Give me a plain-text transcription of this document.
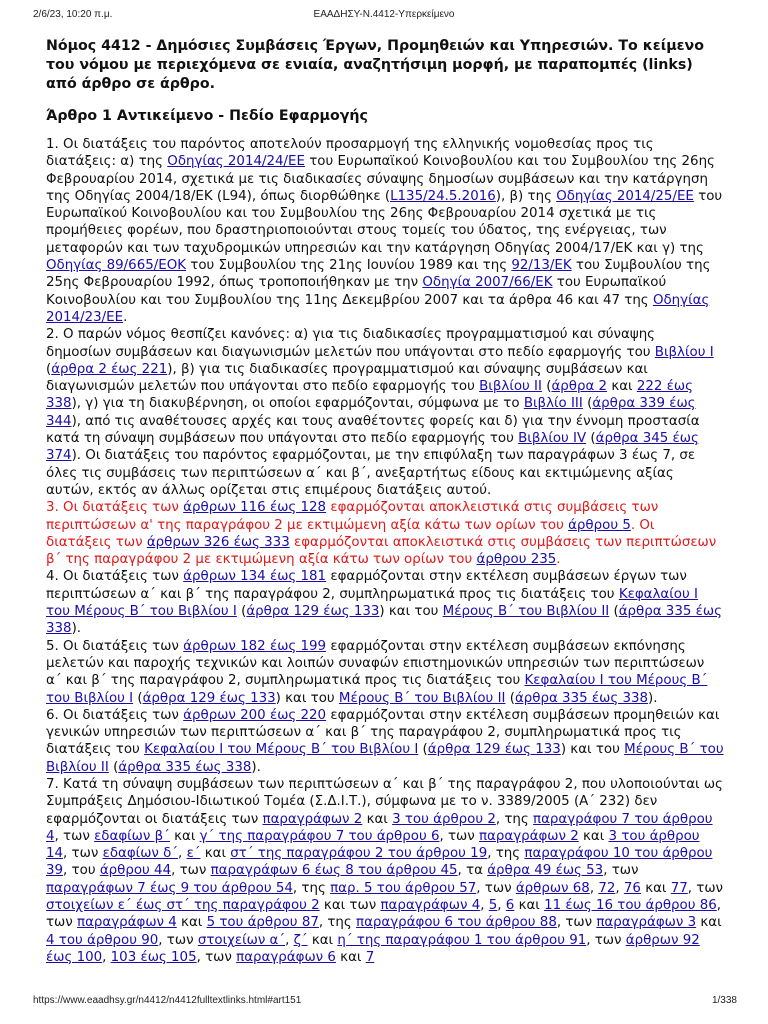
2/6/23, 10:20 π.μ.	ΕΑΑΔΗΣΥ-Ν.4412-Υπερκείμενο

Νόμος 4412 - Δημόσιες Συμβάσεις Έργων, Προμηθειών και Υπηρεσιών. Το κείμενο του νόμου με περιεχόμενα σε ενιαία, αναζητήσιμη μορφή, με παραπομπές (links) από άρθρο σε άρθρο.

Άρθρο 1 Αντικείμενο - Πεδίο Εφαρμογής

1. Οι διατάξεις του παρόντος αποτελούν προσαρμογή της ελληνικής νομοθεσίας προς τις διατάξεις: α) της Οδηγίας 2014/24/ΕΕ του Ευρωπαϊκού Κοινοβουλίου και του Συμβουλίου της 26ης Φεβρουαρίου 2014, σχετικά με τις διαδικασίες σύναψης δημοσίων συμβάσεων και την κατάργηση της Οδηγίας 2004/18/ΕΚ (L94), όπως διορθώθηκε (L135/24.5.2016), β) της Οδηγίας 2014/25/ΕΕ του Ευρωπαϊκού Κοινοβουλίου και του Συμβουλίου της 26ης Φεβρουαρίου 2014 σχετικά με τις προμήθειες φορέων, που δραστηριοποιούνται στους τομείς του ύδατος, της ενέργειας, των μεταφορών και των ταχυδρομικών υπηρεσιών και την κατάργηση Οδηγίας 2004/17/ΕΚ και γ) της Οδηγίας 89/665/ΕΟΚ του Συμβουλίου της 21ης Ιουνίου 1989 και της 92/13/ΕΚ του Συμβουλίου της 25ης Φεβρουαρίου 1992, όπως τροποποιήθηκαν με την Οδηγία 2007/66/ΕΚ του Ευρωπαϊκού Κοινοβουλίου και του Συμβουλίου της 11ης Δεκεμβρίου 2007 και τα άρθρα 46 και 47 της Οδηγίας 2014/23/ΕΕ.

2. Ο παρών νόμος θεσπίζει κανόνες: α) για τις διαδικασίες προγραμματισμού και σύναψης δημοσίων συμβάσεων και διαγωνισμών μελετών που υπάγονται στο πεδίο εφαρμογής του Βιβλίου Ι (άρθρα 2 έως 221), β) για τις διαδικασίες προγραμματισμού και σύναψης συμβάσεων και διαγωνισμών μελετών που υπάγονται στο πεδίο εφαρμογής του Βιβλίου ΙΙ (άρθρα 2 και 222 έως 338), γ) για τη διακυβέρνηση, οι οποίοι εφαρμόζονται, σύμφωνα με το Βιβλίο ΙΙΙ (άρθρα 339 έως 344), από τις αναθέτουσες αρχές και τους αναθέτοντες φορείς και δ) για την έννομη προστασία κατά τη σύναψη συμβάσεων που υπάγονται στο πεδίο εφαρμογής του Βιβλίου IV (άρθρα 345 έως 374). Οι διατάξεις του παρόντος εφαρμόζονται, με την επιφύλαξη των παραγράφων 3 έως 7, σε όλες τις συμβάσεις των περιπτώσεων α΄ και β΄, ανεξαρτήτως είδους και εκτιμώμενης αξίας αυτών, εκτός αν άλλως ορίζεται στις επιμέρους διατάξεις αυτού.

3. Οι διατάξεις των άρθρων 116 έως 128 εφαρμόζονται αποκλειστικά στις συμβάσεις των περιπτώσεων α' της παραγράφου 2 με εκτιμώμενη αξία κάτω των ορίων του άρθρου 5. Οι διατάξεις των άρθρων 326 έως 333 εφαρμόζονται αποκλειστικά στις συμβάσεις των περιπτώσεων β΄ της παραγράφου 2 με εκτιμώμενη αξία κάτω των ορίων του άρθρου 235.

4. Οι διατάξεις των άρθρων 134 έως 181 εφαρμόζονται στην εκτέλεση συμβάσεων έργων των περιπτώσεων α΄ και β΄ της παραγράφου 2, συμπληρωματικά προς τις διατάξεις του Κεφαλαίου Ι του Μέρους Β΄ του Βιβλίου Ι (άρθρα 129 έως 133) και του Μέρους Β΄ του Βιβλίου ΙΙ (άρθρα 335 έως 338).

5. Οι διατάξεις των άρθρων 182 έως 199 εφαρμόζονται στην εκτέλεση συμβάσεων εκπόνησης μελετών και παροχής τεχνικών και λοιπών συναφών επιστημονικών υπηρεσιών των περιπτώσεων α΄ και β΄ της παραγράφου 2, συμπληρωματικά προς τις διατάξεις του Κεφαλαίου Ι του Μέρους Β΄ του Βιβλίου Ι (άρθρα 129 έως 133) και του Μέρους Β΄ του Βιβλίου ΙΙ (άρθρα 335 έως 338).

6. Οι διατάξεις των άρθρων 200 έως 220 εφαρμόζονται στην εκτέλεση συμβάσεων προμηθειών και γενικών υπηρεσιών των περιπτώσεων α΄ και β΄ της παραγράφου 2, συμπληρωματικά προς τις διατάξεις του Κεφαλαίου Ι του Μέρους Β΄ του Βιβλίου Ι (άρθρα 129 έως 133) και του Μέρους Β΄ του Βιβλίου ΙΙ (άρθρα 335 έως 338).

7. Κατά τη σύναψη συμβάσεων των περιπτώσεων α΄ και β΄ της παραγράφου 2, που υλοποιούνται ως Συμπράξεις Δημόσιου-Ιδιωτικού Τομέα (Σ.Δ.Ι.Τ.), σύμφωνα με το ν. 3389/2005 (Α΄ 232) δεν εφαρμόζονται οι διατάξεις των παραγράφων 2 και 3 του άρθρου 2, της παραγράφου 7 του άρθρου 4, των εδαφίων β΄ και γ΄ της παραγράφου 7 του άρθρου 6, των παραγράφων 2 και 3 του άρθρου 14, των εδαφίων δ΄, ε΄ και στ΄ της παραγράφου 2 του άρθρου 19, της παραγράφου 10 του άρθρου 39, του άρθρου 44, των παραγράφων 6 έως 8 του άρθρου 45, τα άρθρα 49 έως 53, των παραγράφων 7 έως 9 του άρθρου 54, της παρ. 5 του άρθρου 57, των άρθρων 68, 72, 76 και 77, των στοιχείων ε΄ έως στ΄ της παραγράφου 2 και των παραγράφων 4, 5, 6 και 11 έως 16 του άρθρου 86, των παραγράφων 4 και 5 του άρθρου 87, της παραγράφου 6 του άρθρου 88, των παραγράφων 3 και 4 του άρθρου 90, των στοιχείων α΄, ζ΄ και η΄ της παραγράφου 1 του άρθρου 91, των άρθρων 92 έως 100, 103 έως 105, των παραγράφων 6 και 7

https://www.eaadhsy.gr/n4412/n4412fulltextlinks.html#art151	1/338
